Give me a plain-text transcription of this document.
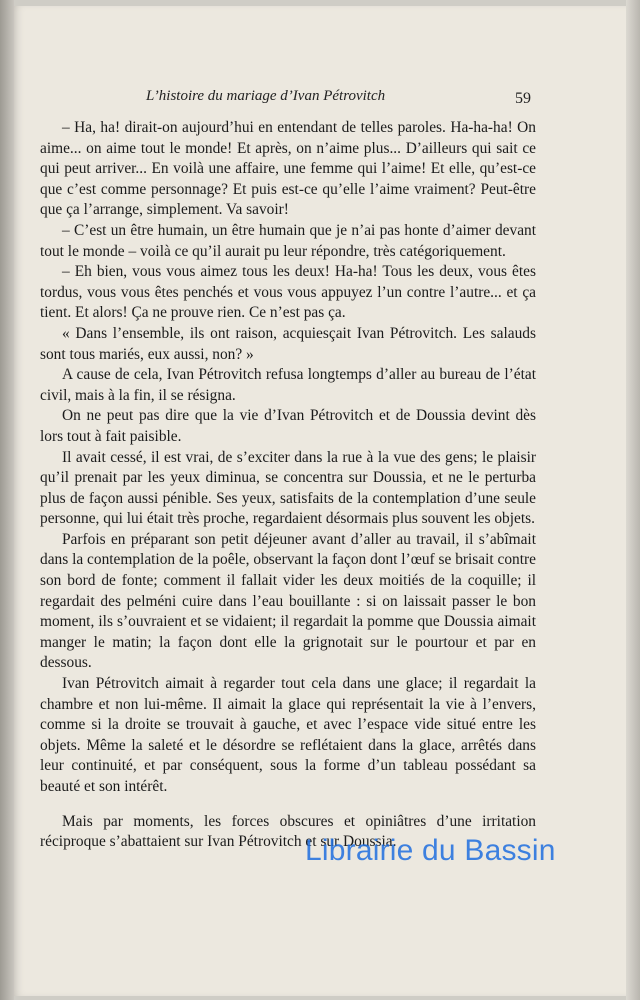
L’histoire du mariage d’Ivan Pétrovitch	59

– Ha, ha! dirait-on aujourd’hui en entendant de telles paroles. Ha-ha-ha! On aime... on aime tout le monde! Et après, on n’aime plus... D’ailleurs qui sait ce qui peut arriver... En voilà une affaire, une femme qui l’aime! Et elle, qu’est-ce que c’est comme personnage? Et puis est-ce qu’elle l’aime vraiment? Peut-être que ça l’arrange, simplement. Va savoir!

– C’est un être humain, un être humain que je n’ai pas honte d’aimer devant tout le monde – voilà ce qu’il aurait pu leur répondre, très catégoriquement.

– Eh bien, vous vous aimez tous les deux! Ha-ha! Tous les deux, vous êtes tordus, vous vous êtes penchés et vous vous appuyez l’un contre l’autre... et ça tient. Et alors! Ça ne prouve rien. Ce n’est pas ça.

« Dans l’ensemble, ils ont raison, acquiesçait Ivan Pétrovitch. Les salauds sont tous mariés, eux aussi, non? »

A cause de cela, Ivan Pétrovitch refusa longtemps d’aller au bureau de l’état civil, mais à la fin, il se résigna.

On ne peut pas dire que la vie d’Ivan Pétrovitch et de Doussia devint dès lors tout à fait paisible.

Il avait cessé, il est vrai, de s’exciter dans la rue à la vue des gens; le plaisir qu’il prenait par les yeux diminua, se concentra sur Doussia, et ne le perturba plus de façon aussi pénible. Ses yeux, satisfaits de la contemplation d’une seule personne, qui lui était très proche, regardaient désormais plus souvent les objets.

Parfois en préparant son petit déjeuner avant d’aller au travail, il s’abîmait dans la contemplation de la poêle, observant la façon dont l’œuf se brisait contre son bord de fonte; comment il fallait vider les deux moitiés de la coquille; il regardait des pelméni cuire dans l’eau bouillante : si on laissait passer le bon moment, ils s’ouvraient et se vidaient; il regardait la pomme que Doussia aimait manger le matin; la façon dont elle la grignotait sur le pourtour et par en dessous.

Ivan Pétrovitch aimait à regarder tout cela dans une glace; il regardait la chambre et non lui-même. Il aimait la glace qui représentait la vie à l’envers, comme si la droite se trouvait à gauche, et avec l’espace vide situé entre les objets. Même la saleté et le désordre se reflétaient dans la glace, arrêtés dans leur continuité, et par conséquent, sous la forme d’un tableau possédant sa beauté et son intérêt.

Mais par moments, les forces obscures et opiniâtres d’une irritation réciproque s’abattaient sur Ivan Pétrovitch et sur Doussia.

Librairie du Bassin
